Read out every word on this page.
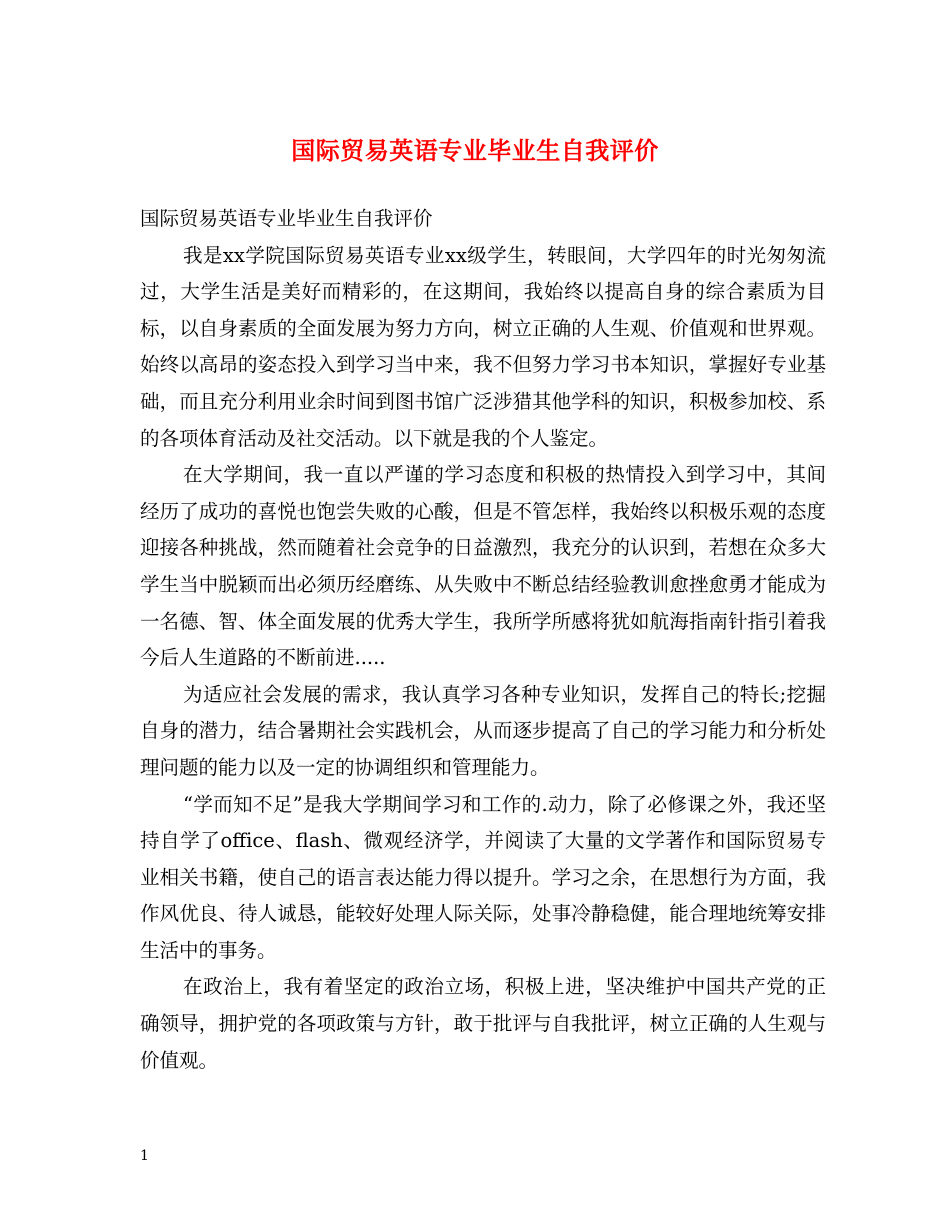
国际贸易英语专业毕业生自我评价

国际贸易英语专业毕业生自我评价

我是xx学院国际贸易英语专业xx级学生，转眼间，大学四年的时光匆匆流过，大学生活是美好而精彩的，在这期间，我始终以提高自身的综合素质为目标，以自身素质的全面发展为努力方向，树立正确的人生观、价值观和世界观。始终以高昂的姿态投入到学习当中来，我不但努力学习书本知识，掌握好专业基础，而且充分利用业余时间到图书馆广泛涉猎其他学科的知识，积极参加校、系的各项体育活动及社交活动。以下就是我的个人鉴定。

在大学期间，我一直以严谨的学习态度和积极的热情投入到学习中，其间经历了成功的喜悦也饱尝失败的心酸，但是不管怎样，我始终以积极乐观的态度迎接各种挑战，然而随着社会竞争的日益激烈，我充分的认识到，若想在众多大学生当中脱颖而出必须历经磨练、从失败中不断总结经验教训愈挫愈勇才能成为一名德、智、体全面发展的优秀大学生，我所学所感将犹如航海指南针指引着我今后人生道路的不断前进.....

为适应社会发展的需求，我认真学习各种专业知识，发挥自己的特长;挖掘自身的潜力，结合暑期社会实践机会，从而逐步提高了自己的学习能力和分析处理问题的能力以及一定的协调组织和管理能力。

“学而知不足”是我大学期间学习和工作的.动力，除了必修课之外，我还坚持自学了office、flash、微观经济学，并阅读了大量的文学著作和国际贸易专业相关书籍，使自己的语言表达能力得以提升。学习之余，在思想行为方面，我作风优良、待人诚恳，能较好处理人际关际，处事冷静稳健，能合理地统筹安排生活中的事务。

在政治上，我有着坚定的政治立场，积极上进，坚决维护中国共产党的正确领导，拥护党的各项政策与方针，敢于批评与自我批评，树立正确的人生观与价值观。

1
